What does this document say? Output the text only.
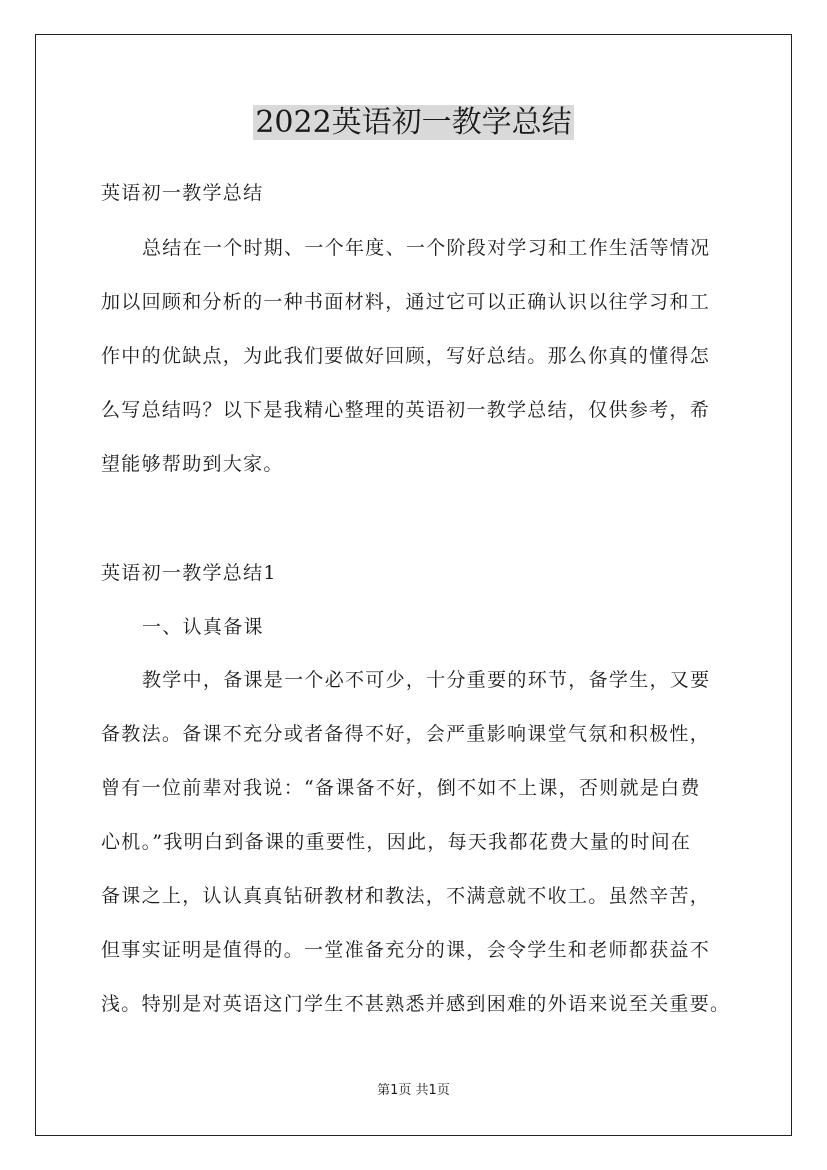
2022英语初一教学总结
英语初一教学总结
总结在一个时期、一个年度、一个阶段对学习和工作生活等情况
加以回顾和分析的一种书面材料，通过它可以正确认识以往学习和工
作中的优缺点，为此我们要做好回顾，写好总结。那么你真的懂得怎
么写总结吗？以下是我精心整理的英语初一教学总结，仅供参考，希
望能够帮助到大家。
英语初一教学总结1
一、认真备课
教学中，备课是一个必不可少，十分重要的环节，备学生，又要
备教法。备课不充分或者备得不好，会严重影响课堂气氛和积极性，
曾有一位前辈对我说：“备课备不好，倒不如不上课，否则就是白费
心机。”我明白到备课的重要性，因此，每天我都花费大量的时间在
备课之上，认认真真钻研教材和教法，不满意就不收工。虽然辛苦，
但事实证明是值得的。一堂准备充分的课，会令学生和老师都获益不
浅。特别是对英语这门学生不甚熟悉并感到困难的外语来说至关重要。
第1页 共1页
